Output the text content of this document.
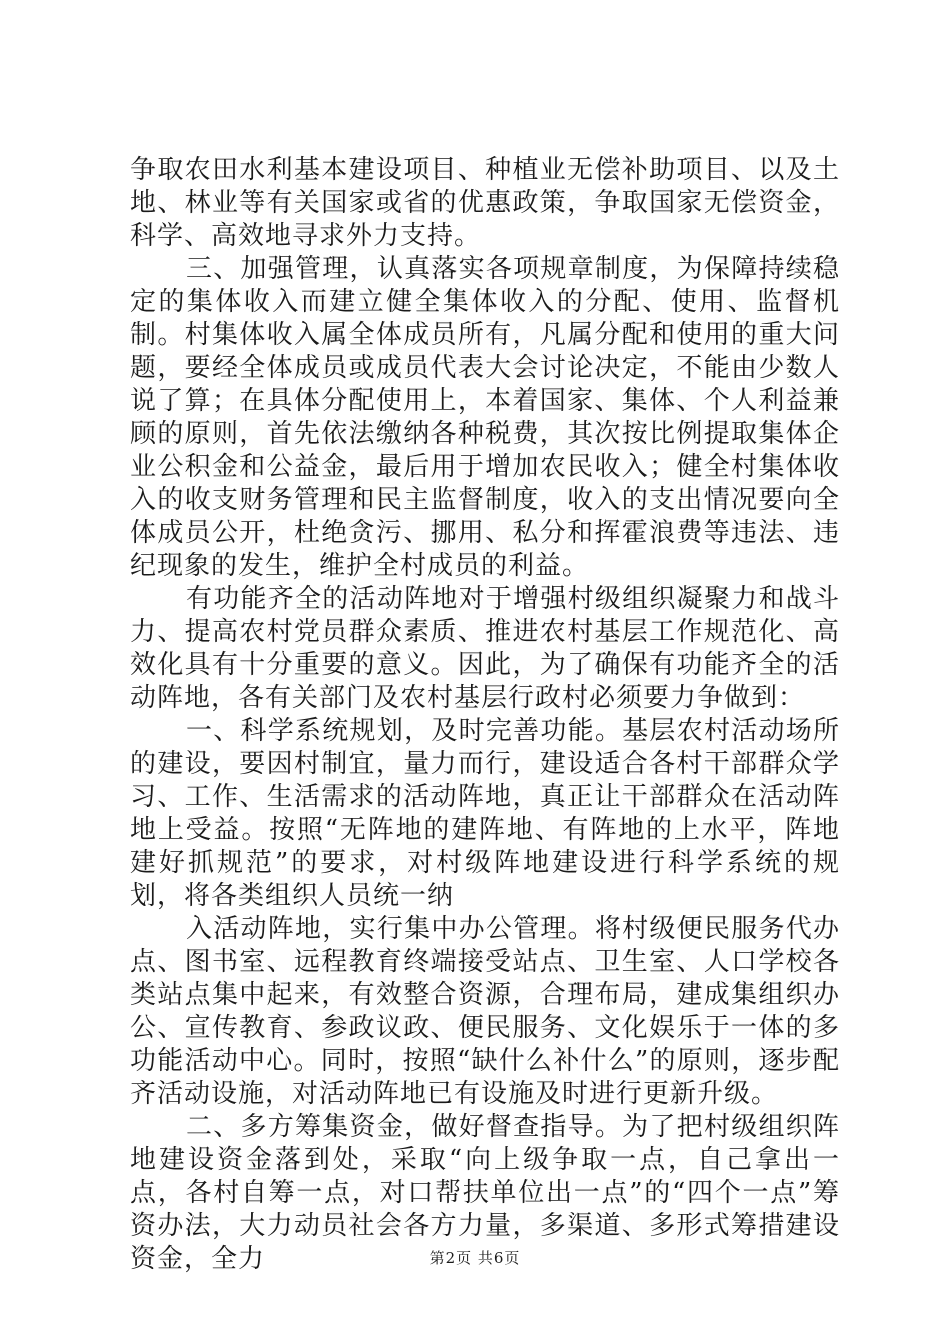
争取农田水利基本建设项目、种植业无偿补助项目、以及土地、林业等有关国家或省的优惠政策，争取国家无偿资金，科学、高效地寻求外力支持。

三、加强管理，认真落实各项规章制度，为保障持续稳定的集体收入而建立健全集体收入的分配、使用、监督机制。村集体收入属全体成员所有，凡属分配和使用的重大问题，要经全体成员或成员代表大会讨论决定，不能由少数人说了算；在具体分配使用上，本着国家、集体、个人利益兼顾的原则，首先依法缴纳各种税费，其次按比例提取集体企业公积金和公益金，最后用于增加农民收入；健全村集体收入的收支财务管理和民主监督制度，收入的支出情况要向全体成员公开，杜绝贪污、挪用、私分和挥霍浪费等违法、违纪现象的发生，维护全村成员的利益。

有功能齐全的活动阵地对于增强村级组织凝聚力和战斗力、提高农村党员群众素质、推进农村基层工作规范化、高效化具有十分重要的意义。因此，为了确保有功能齐全的活动阵地，各有关部门及农村基层行政村必须要力争做到：

一、科学系统规划，及时完善功能。基层农村活动场所的建设，要因村制宜，量力而行，建设适合各村干部群众学习、工作、生活需求的活动阵地，真正让干部群众在活动阵地上受益。按照“无阵地的建阵地、有阵地的上水平，阵地建好抓规范”的要求，对村级阵地建设进行科学系统的规划，将各类组织人员统一纳

入活动阵地，实行集中办公管理。将村级便民服务代办点、图书室、远程教育终端接受站点、卫生室、人口学校各类站点集中起来，有效整合资源，合理布局，建成集组织办公、宣传教育、参政议政、便民服务、文化娱乐于一体的多功能活动中心。同时，按照“缺什么补什么”的原则，逐步配齐活动设施，对活动阵地已有设施及时进行更新升级。

二、多方筹集资金，做好督查指导。为了把村级组织阵地建设资金落到处，采取“向上级争取一点，自己拿出一点，各村自筹一点，对口帮扶单位出一点”的“四个一点”筹资办法，大力动员社会各方力量，多渠道、多形式筹措建设资金，全力	第2页 共6页
